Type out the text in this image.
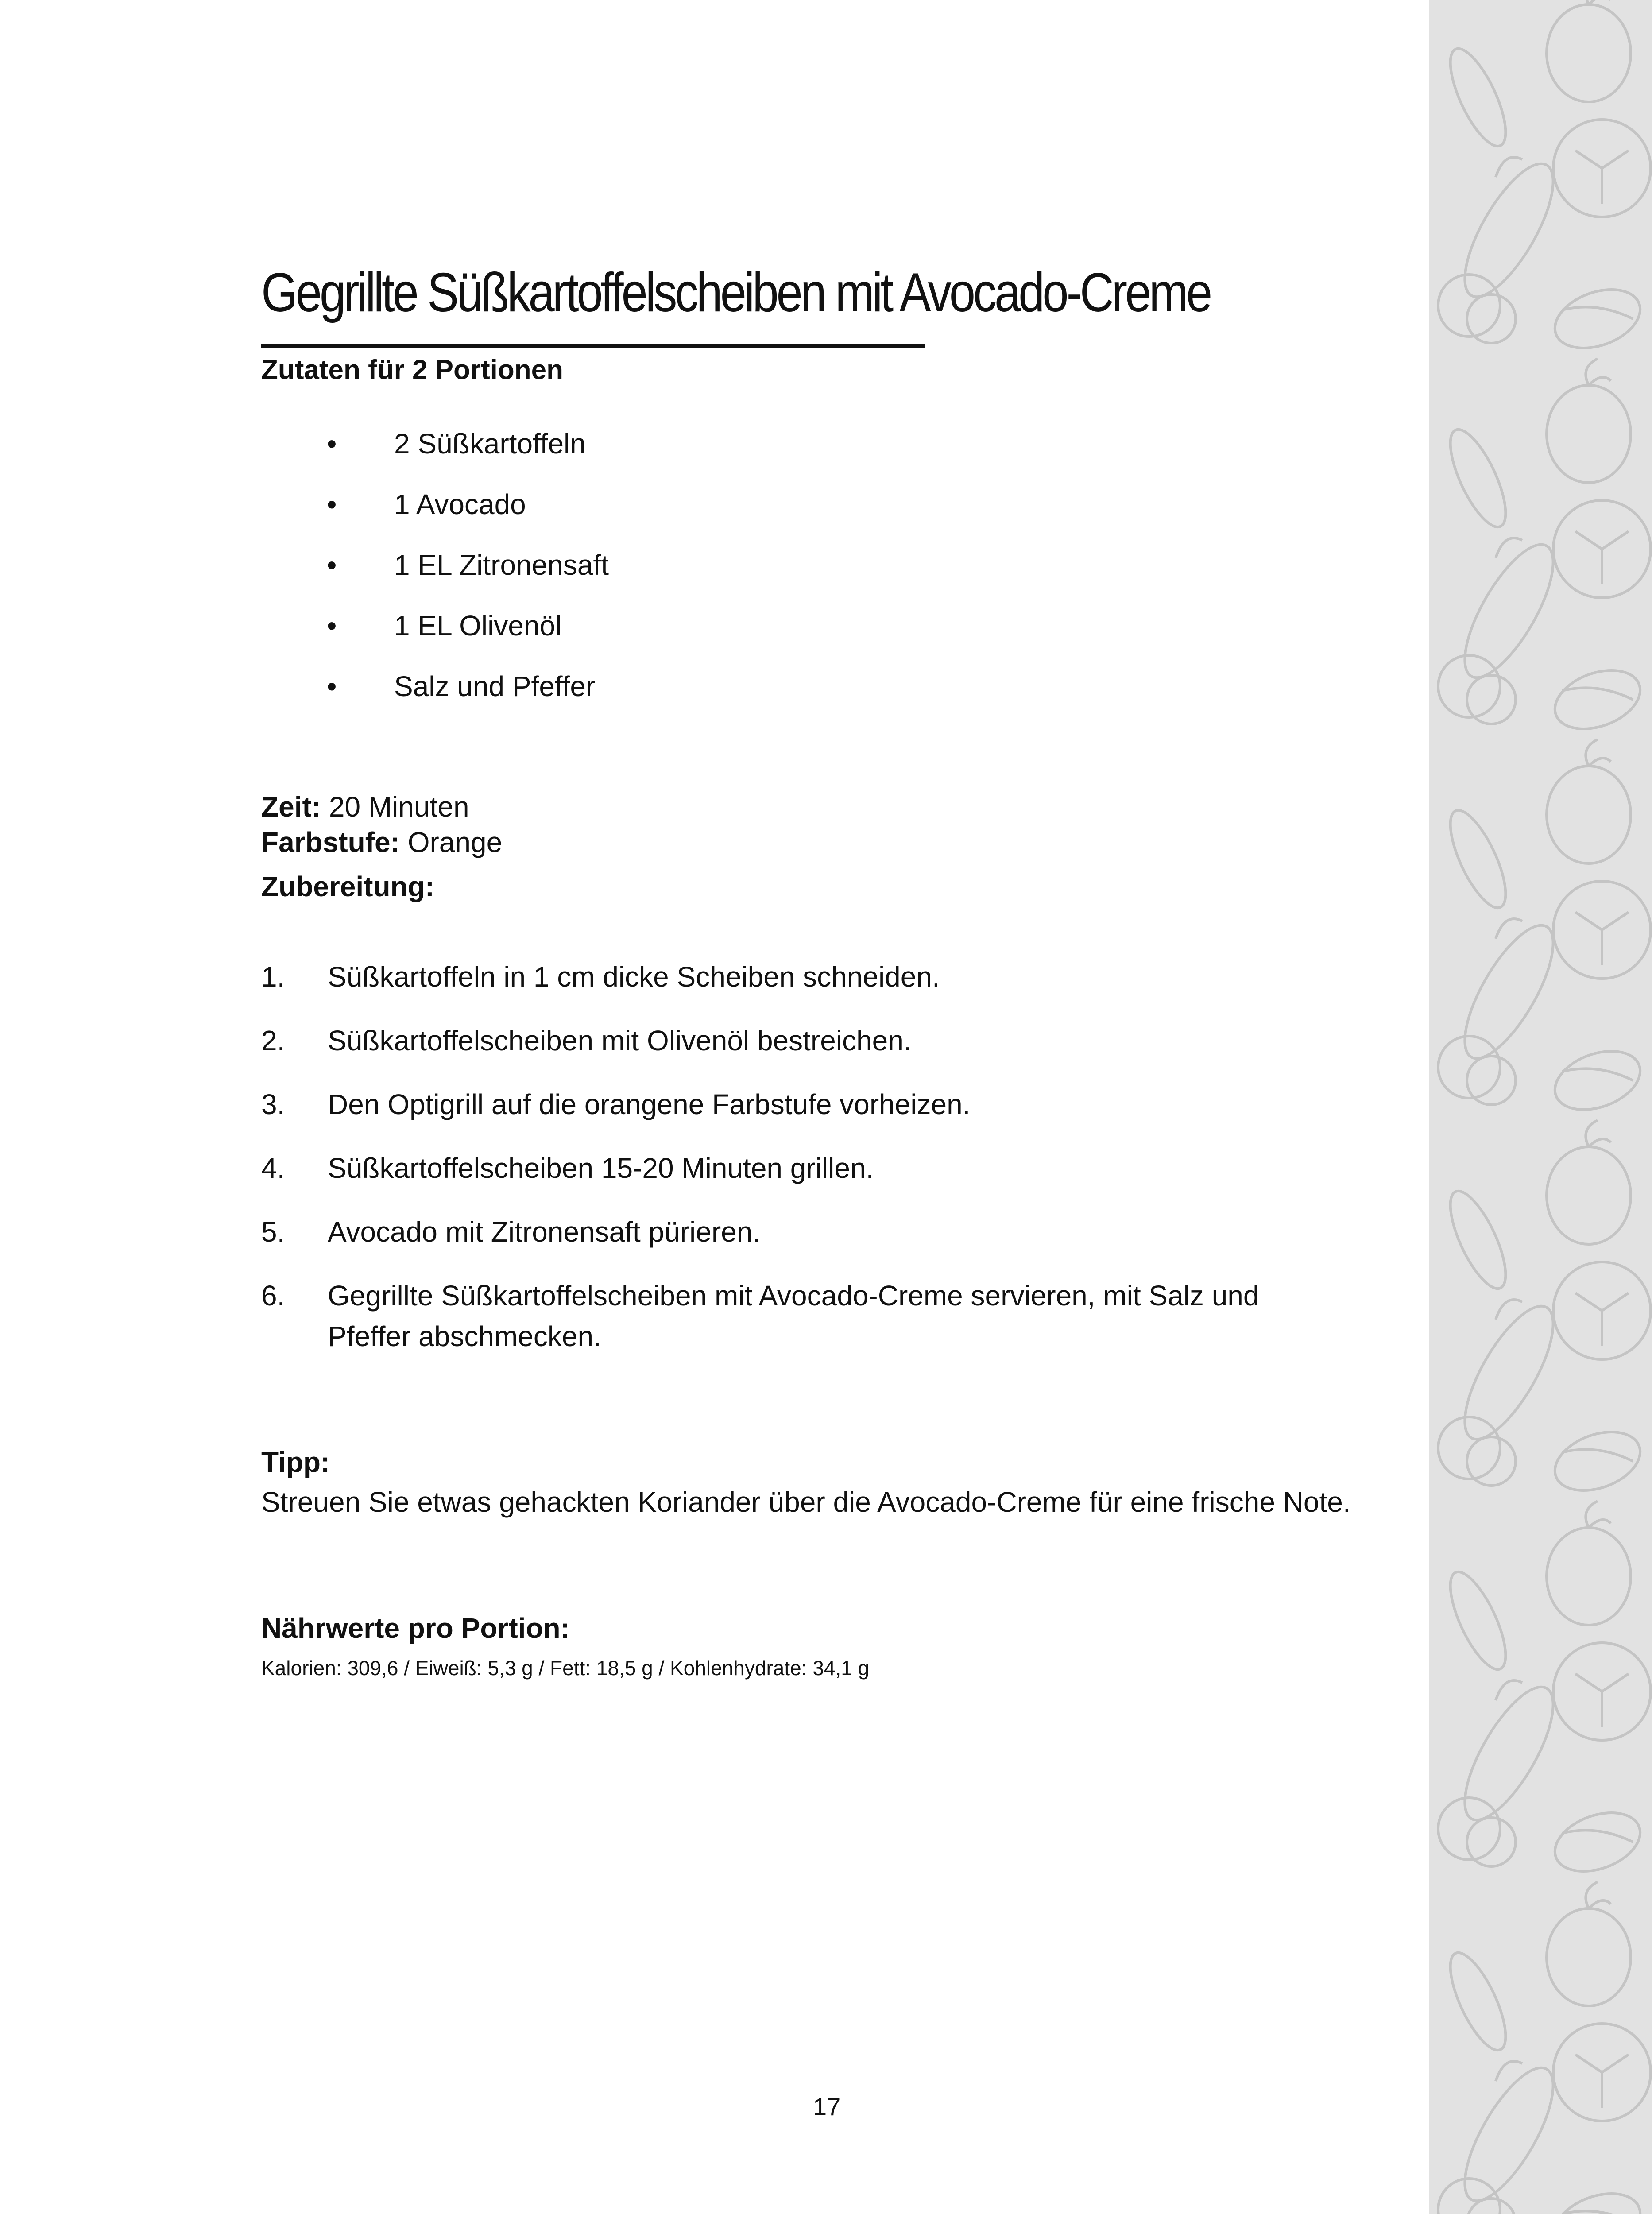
Gegrillte Süßkartoffelscheiben mit Avocado-Creme
Zutaten für 2 Portionen
• 2 Süßkartoffeln
• 1 Avocado
• 1 EL Zitronensaft
• 1 EL Olivenöl
• Salz und Pfeffer
Zeit: 20 Minuten
Farbstufe: Orange
Zubereitung:
1. Süßkartoffeln in 1 cm dicke Scheiben schneiden.
2. Süßkartoffelscheiben mit Olivenöl bestreichen.
3. Den Optigrill auf die orangene Farbstufe vorheizen.
4. Süßkartoffelscheiben 15-20 Minuten grillen.
5. Avocado mit Zitronensaft pürieren.
6. Gegrillte Süßkartoffelscheiben mit Avocado-Creme servieren, mit Salz und Pfeffer abschmecken.
Tipp:
Streuen Sie etwas gehackten Koriander über die Avocado-Creme für eine frische Note.
Nährwerte pro Portion:
Kalorien: 309,6 / Eiweiß: 5,3 g / Fett: 18,5 g / Kohlenhydrate: 34,1 g
17
